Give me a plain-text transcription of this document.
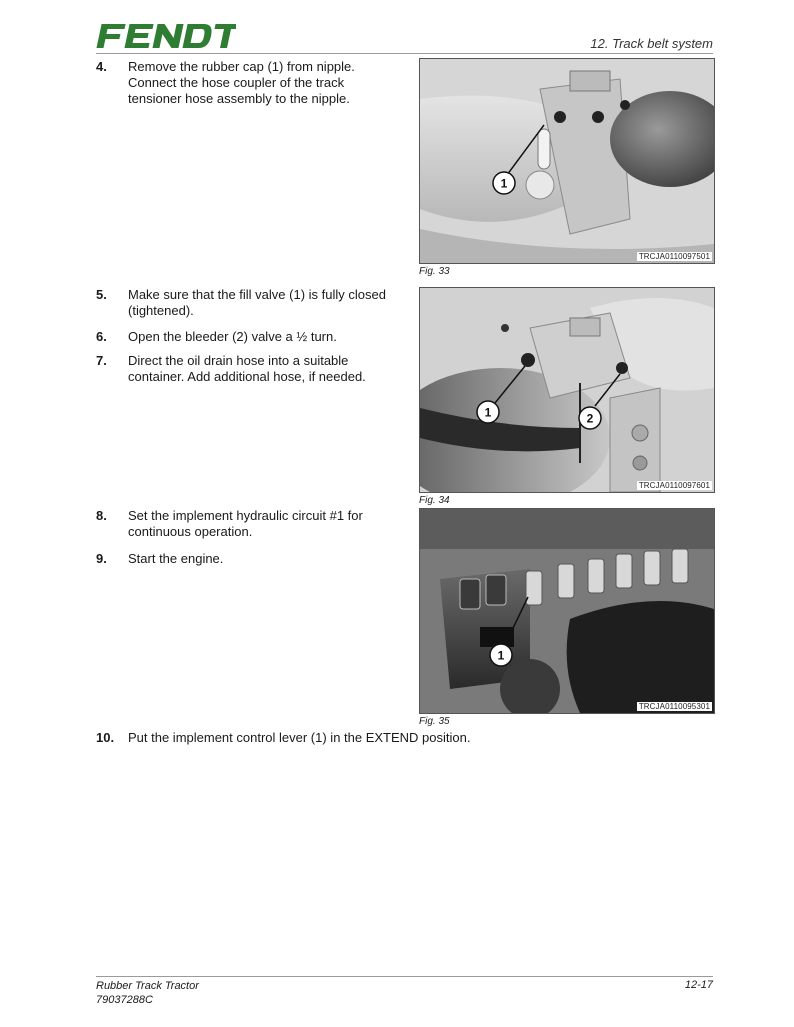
12. Track belt system
4. Remove the rubber cap (1) from nipple. Connect the hose coupler of the track tensioner hose assembly to the nipple.
5. Make sure that the fill valve (1) is fully closed (tightened).
6. Open the bleeder (2) valve a ½ turn.
7. Direct the oil drain hose into a suitable container. Add additional hose, if needed.
8. Set the implement hydraulic circuit #1 for continuous operation.
9. Start the engine.
10. Put the implement control lever (1) in the EXTEND position.
1
TRCJA0110097501
Fig. 33
1	2
TRCJA0110097601
Fig. 34
1
TRCJA0110095301
Fig. 35
Rubber Track Tractor
79037288C
12-17
